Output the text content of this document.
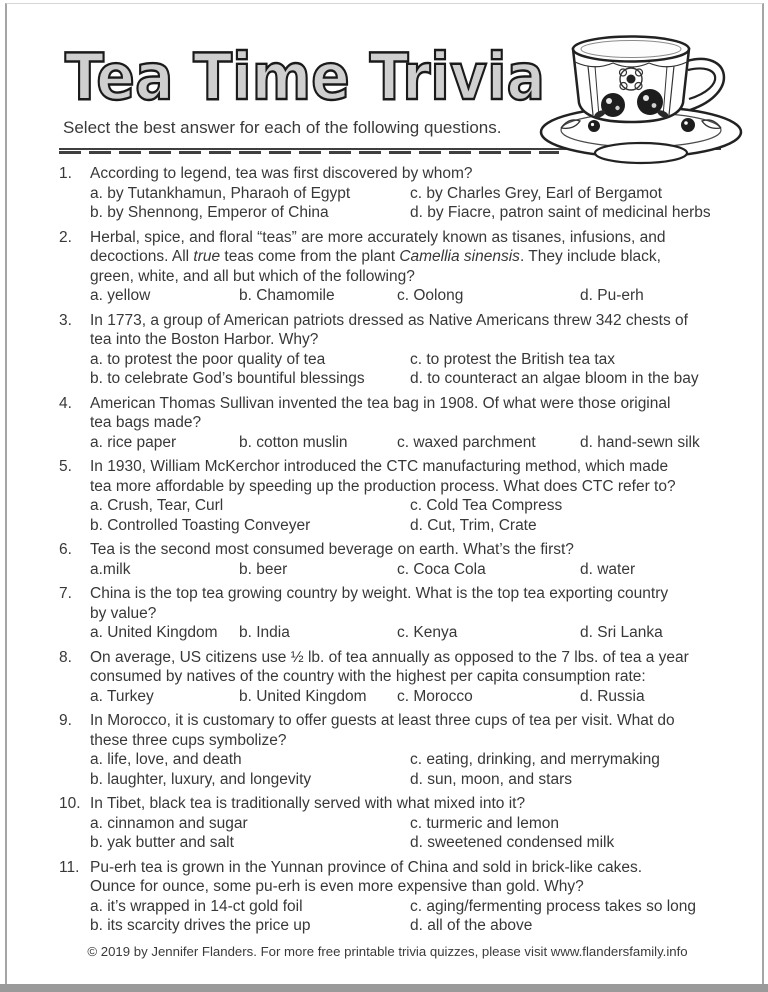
Tea Time Trivia

Select the best answer for each of the following questions.

1.	According to legend, tea was first discovered by whom?

a. by Tutankhamun, Pharaoh of Egypt	c. by Charles Grey, Earl of Bergamot
b. by Shennong, Emperor of China	d. by Fiacre, patron saint of medicinal herbs
2.	Herbal, spice, and floral “teas” are more accurately known as tisanes, infusions, and
decoctions. All true teas come from the plant Camellia sinensis. They include black,
green, white, and all but which of the following?

a. yellow	b. Chamomile	c. Oolong	d. Pu-erh
3.	In 1773, a group of American patriots dressed as Native Americans threw 342 chests of
tea into the Boston Harbor. Why?

a. to protest the poor quality of tea	c. to protest the British tea tax
b. to celebrate God’s bountiful blessings	d. to counteract an algae bloom in the bay
4.	American Thomas Sullivan invented the tea bag in 1908. Of what were those original
tea bags made?

a. rice paper	b. cotton muslin	c. waxed parchment	d. hand-sewn silk
5.	In 1930, William McKerchor introduced the CTC manufacturing method, which made
tea more affordable by speeding up the production process. What does CTC refer to?

a. Crush, Tear, Curl	c. Cold Tea Compress
b. Controlled Toasting Conveyer	d. Cut, Trim, Crate
6.	Tea is the second most consumed beverage on earth. What’s the first?

a.milk	b. beer	c. Coca Cola	d. water
7.	China is the top tea growing country by weight. What is the top tea exporting country
by value?

a. United Kingdom	b. India	c. Kenya	d. Sri Lanka
8.	On average, US citizens use ½ lb. of tea annually as opposed to the 7 lbs. of tea a year
consumed by natives of the country with the highest per capita consumption rate:

a. Turkey	b. United Kingdom	c. Morocco	d. Russia
9.	In Morocco, it is customary to offer guests at least three cups of tea per visit. What do
these three cups symbolize?

a. life, love, and death	c. eating, drinking, and merrymaking
b. laughter, luxury, and longevity	d. sun, moon, and stars
10. In Tibet, black tea is traditionally served with what mixed into it?

a. cinnamon and sugar	c. turmeric and lemon
b. yak butter and salt	d. sweetened condensed milk
11. Pu-erh tea is grown in the Yunnan province of China and sold in brick-like cakes.
Ounce for ounce, some pu-erh is even more expensive than gold. Why?

a. it’s wrapped in 14-ct gold foil	c. aging/fermenting process takes so long
b. its scarcity drives the price up	d. all of the above
© 2019 by Jennifer Flanders. For more free printable trivia quizzes, please visit www.flandersfamily.info
